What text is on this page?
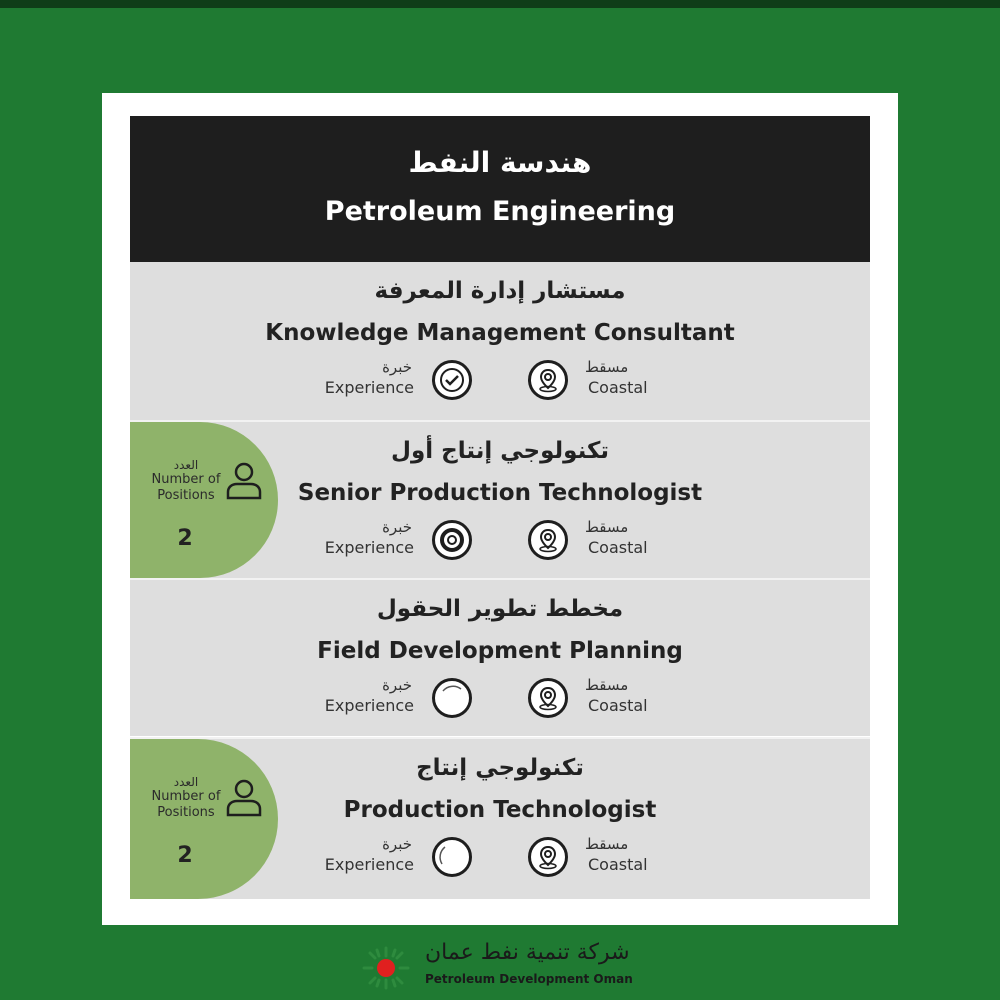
هندسة النفط
Petroleum Engineering
مستشار إدارة المعرفة
Knowledge Management Consultant
خبرة
Experience
مسقط
Coastal
العدد
Number of Positions
2
تكنولوجي إنتاج أول
Senior Production Technologist
خبرة
Experience
مسقط
Coastal
مخطط تطوير الحقول
Field Development Planning
خبرة
Experience
مسقط
Coastal
العدد
Number of Positions
2
تكنولوجي إنتاج
Production Technologist
خبرة
Experience
مسقط
Coastal
شركة تنمية نفط عمان
Petroleum Development Oman
